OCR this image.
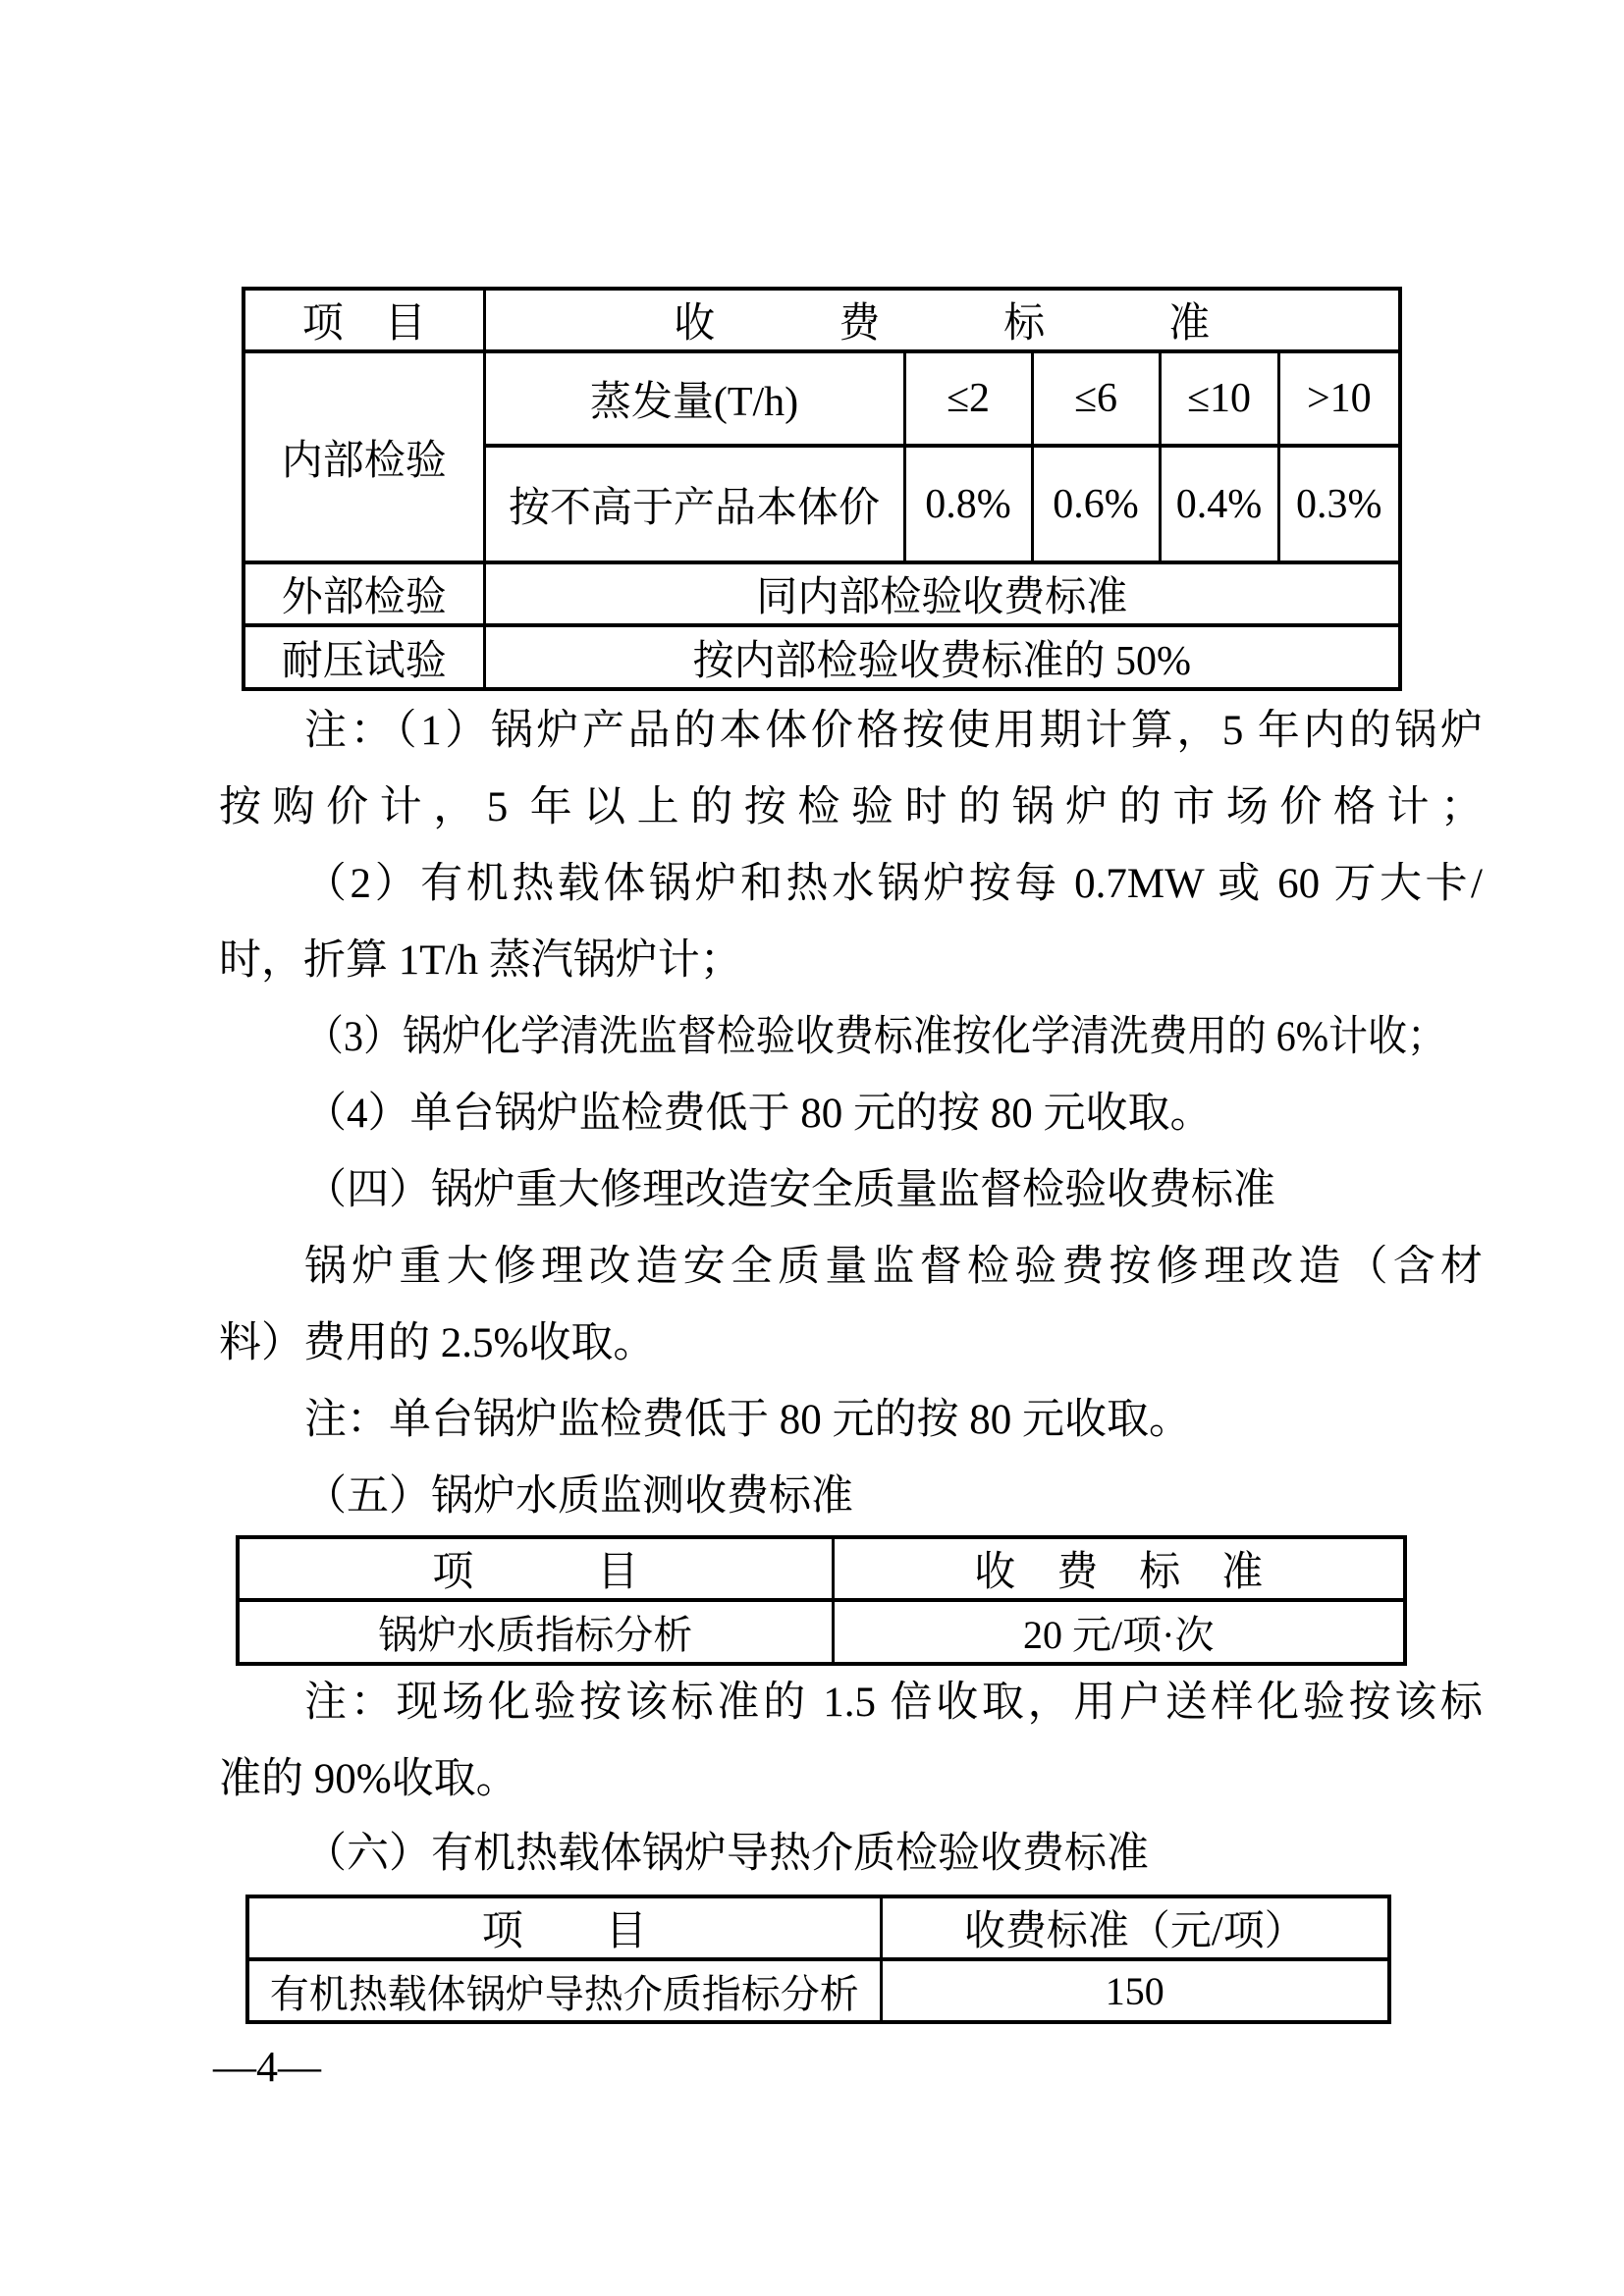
项　目	收　　　费　　　标　　　准				
内部检验	蒸发量(T/h)	≤2	≤6	≤10	>10
	按不高于产品本体价	0.8%	0.6%	0.4%	0.3%
外部检验	同内部检验收费标准				
耐压试验	按内部检验收费标准的 50%				
注：（1）锅炉产品的本体价格按使用期计算，5 年内的锅炉
按购价计，5 年以上的按检验时的锅炉的市场价格计；
（2）有机热载体锅炉和热水锅炉按每 0.7MW 或 60 万大卡/
时，折算 1T/h 蒸汽锅炉计；
（3）锅炉化学清洗监督检验收费标准按化学清洗费用的 6%计收；
（4）单台锅炉监检费低于 80 元的按 80 元收取。
（四）锅炉重大修理改造安全质量监督检验收费标准
锅炉重大修理改造安全质量监督检验费按修理改造（含材
料）费用的 2.5%收取。
注：单台锅炉监检费低于 80 元的按 80 元收取。
（五）锅炉水质监测收费标准
项　　　目	收　费　标　准
锅炉水质指标分析	20 元/项·次
注：现场化验按该标准的 1.5 倍收取，用户送样化验按该标
准的 90%收取。
（六）有机热载体锅炉导热介质检验收费标准
项　　目	收费标准（元/项）
有机热载体锅炉导热介质指标分析	150
—4—
